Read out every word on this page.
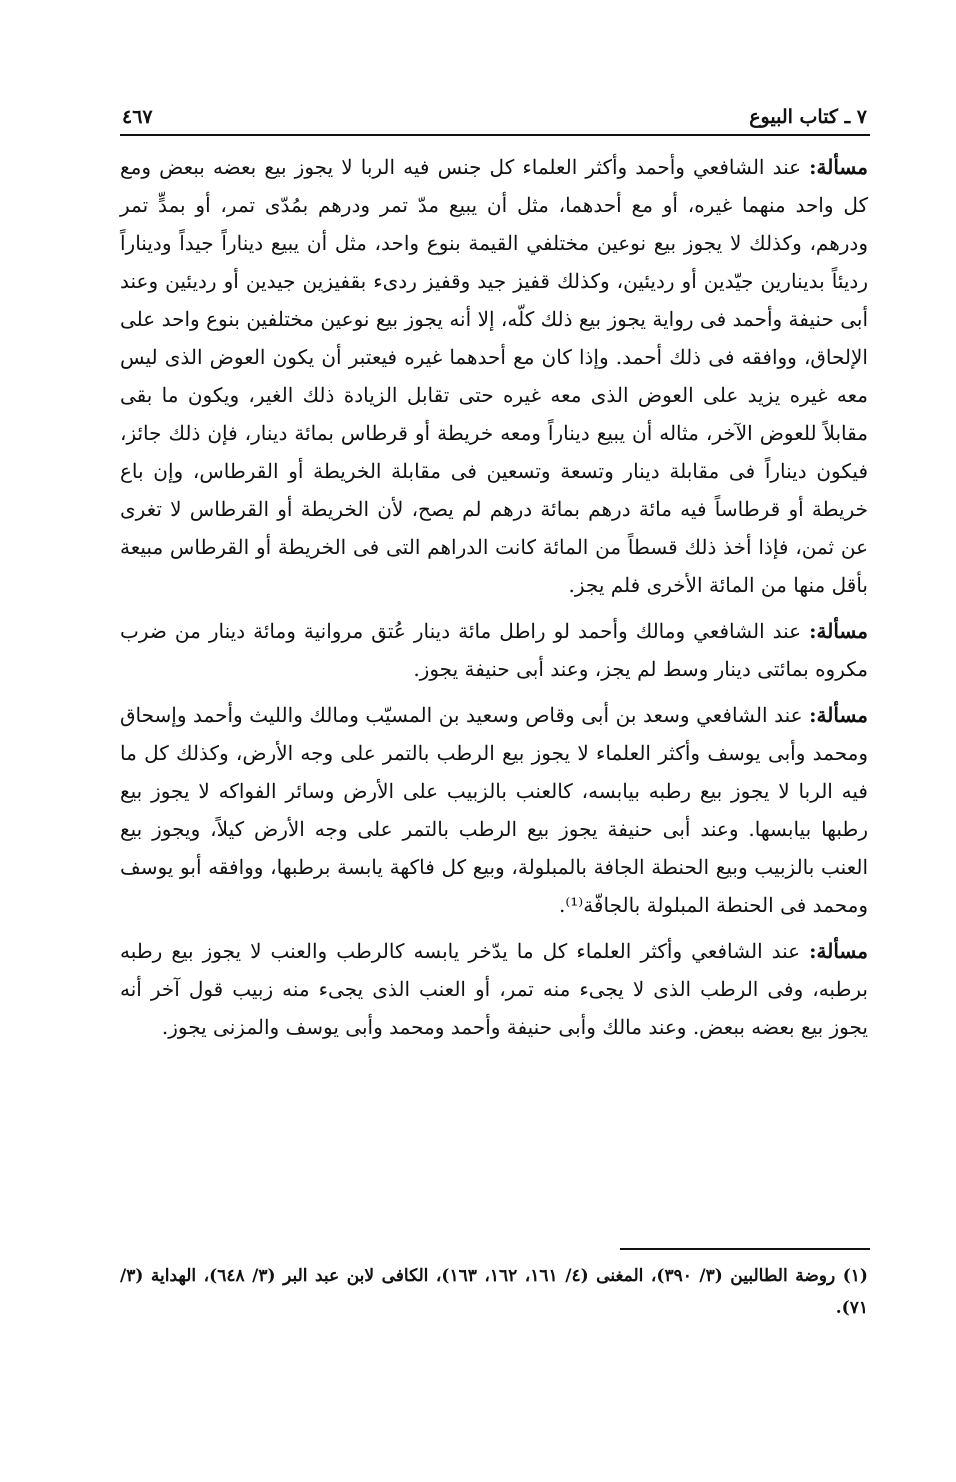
٧ ـ كتاب البيوع
٤٦٧

مسألة: عند الشافعي وأحمد وأكثر العلماء كل جنس فيه الربا لا يجوز بيع بعضه ببعض ومع كل واحد منهما غيره، أو مع أحدهما، مثل أن يبيع مدّ تمر ودرهم بمُدّى تمر، أو بمدٍّ تمر ودرهم، وكذلك لا يجوز بيع نوعين مختلفي القيمة بنوع واحد، مثل أن يبيع ديناراً جيداً وديناراً رديئاً بدينارين جيّدين أو رديئين، وكذلك قفيز جيد وقفيز ردىء بقفيزين جيدين أو رديئين وعند أبى حنيفة وأحمد فى رواية يجوز بيع ذلك كلّه، إلا أنه يجوز بيع نوعين مختلفين بنوع واحد على الإلحاق، ووافقه فى ذلك أحمد. وإذا كان مع أحدهما غيره فيعتبر أن يكون العوض الذى ليس معه غيره يزيد على العوض الذى معه غيره حتى تقابل الزيادة ذلك الغير، ويكون ما بقى مقابلاً للعوض الآخر، مثاله أن يبيع ديناراً ومعه خريطة أو قرطاس بمائة دينار، فإن ذلك جائز، فيكون ديناراً فى مقابلة دينار وتسعة وتسعين فى مقابلة الخريطة أو القرطاس، وإن باع خريطة أو قرطاساً فيه مائة درهم بمائة درهم لم يصح، لأن الخريطة أو القرطاس لا تغرى عن ثمن، فإذا أخذ ذلك قسطاً من المائة كانت الدراهم التى فى الخريطة أو القرطاس مبيعة بأقل منها من المائة الأخرى فلم يجز.

مسألة: عند الشافعي ومالك وأحمد لو راطل مائة دينار عُتق مروانية ومائة دينار من ضرب مكروه بمائتى دينار وسط لم يجز، وعند أبى حنيفة يجوز.

مسألة: عند الشافعي وسعد بن أبى وقاص وسعيد بن المسيّب ومالك والليث وأحمد وإسحاق ومحمد وأبى يوسف وأكثر العلماء لا يجوز بيع الرطب بالتمر على وجه الأرض، وكذلك كل ما فيه الربا لا يجوز بيع رطبه بيابسه، كالعنب بالزبيب على الأرض وسائر الفواكه لا يجوز بيع رطبها بيابسها. وعند أبى حنيفة يجوز بيع الرطب بالتمر على وجه الأرض كيلاً، ويجوز بيع العنب بالزبيب وبيع الحنطة الجافة بالمبلولة، وبيع كل فاكهة يابسة برطبها، ووافقه أبو يوسف ومحمد فى الحنطة المبلولة بالجافّة⁽¹⁾.

مسألة: عند الشافعي وأكثر العلماء كل ما يدّخر يابسه كالرطب والعنب لا يجوز بيع رطبه برطبه، وفى الرطب الذى لا يجىء منه تمر، أو العنب الذى يجىء منه زبيب قول آخر أنه يجوز بيع بعضه ببعض. وعند مالك وأبى حنيفة وأحمد ومحمد وأبى يوسف والمزنى يجوز.

(١) روضة الطالبين (٣/ ٣٩٠)، المغنى (٤/ ١٦١، ١٦٢، ١٦٣)، الكافى لابن عبد البر (٣/ ٦٤٨)، الهداية (٣/ ٧١).
